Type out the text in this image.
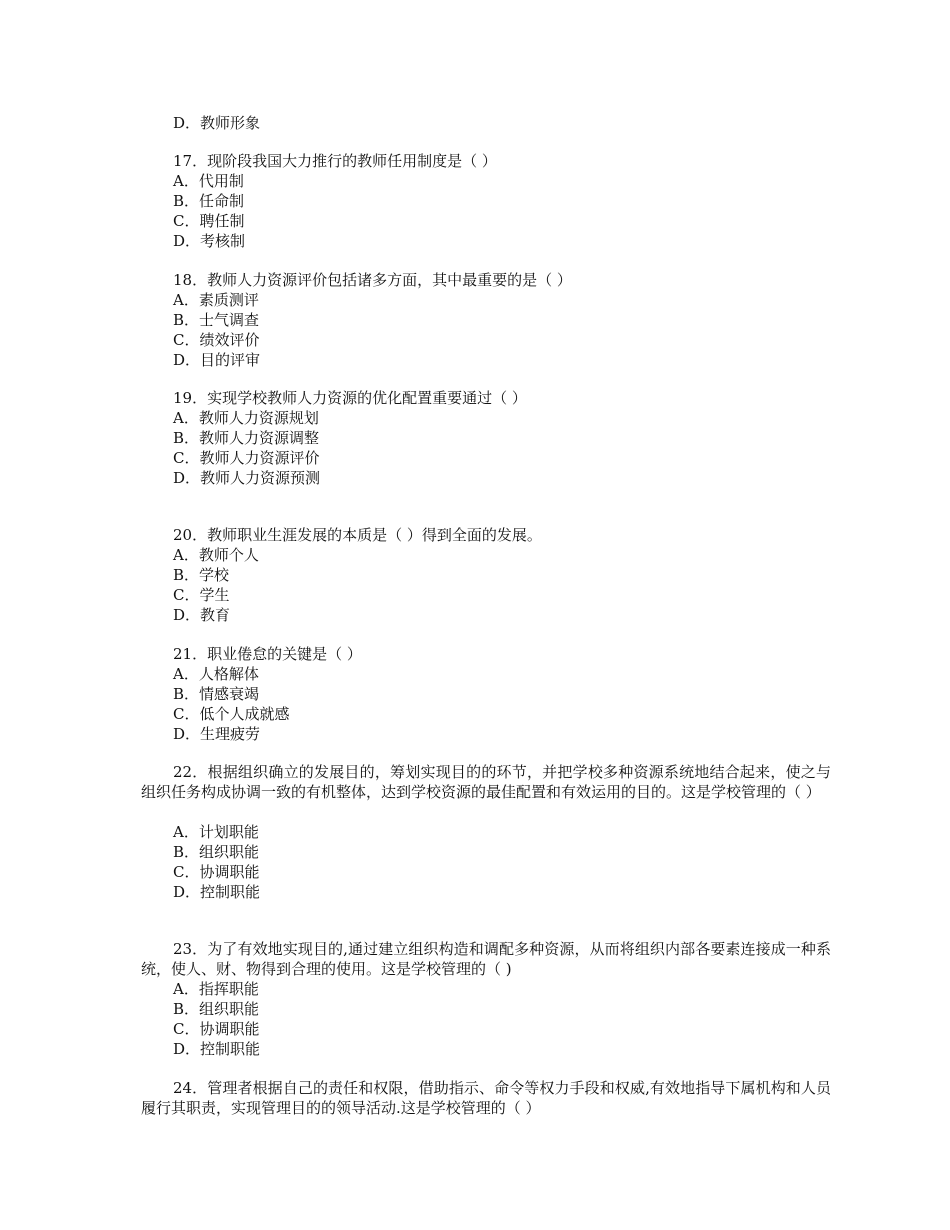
D．教师形象
17．现阶段我国大力推行的教师任用制度是（ ）
A．代用制
B．任命制
C．聘任制
D．考核制
18．教师人力资源评价包括诸多方面，其中最重要的是（ ）
A．素质测评
B．士气调查
C．绩效评价
D．目的评审
19．实现学校教师人力资源的优化配置重要通过（ ）
A．教师人力资源规划
B．教师人力资源调整
C．教师人力资源评价
D．教师人力资源预测
20．教师职业生涯发展的本质是（ ）得到全面的发展。
A．教师个人
B．学校
C．学生
D．教育
21．职业倦怠的关键是（ ）
A．人格解体
B．情感衰竭
C．低个人成就感
D．生理疲劳
22．根据组织确立的发展目的，筹划实现目的的环节，并把学校多种资源系统地结合起来，使之与组织任务构成协调一致的有机整体，达到学校资源的最佳配置和有效运用的目的。这是学校管理的（ ）
A．计划职能
B．组织职能
C．协调职能
D．控制职能
23．为了有效地实现目的,通过建立组织构造和调配多种资源，从而将组织内部各要素连接成一种系统，使人、财、物得到合理的使用。这是学校管理的（ )
A．指挥职能
B．组织职能
C．协调职能
D．控制职能
24．管理者根据自己的责任和权限，借助指示、命令等权力手段和权威,有效地指导下属机构和人员履行其职责，实现管理目的的领导活动.这是学校管理的（ ）
